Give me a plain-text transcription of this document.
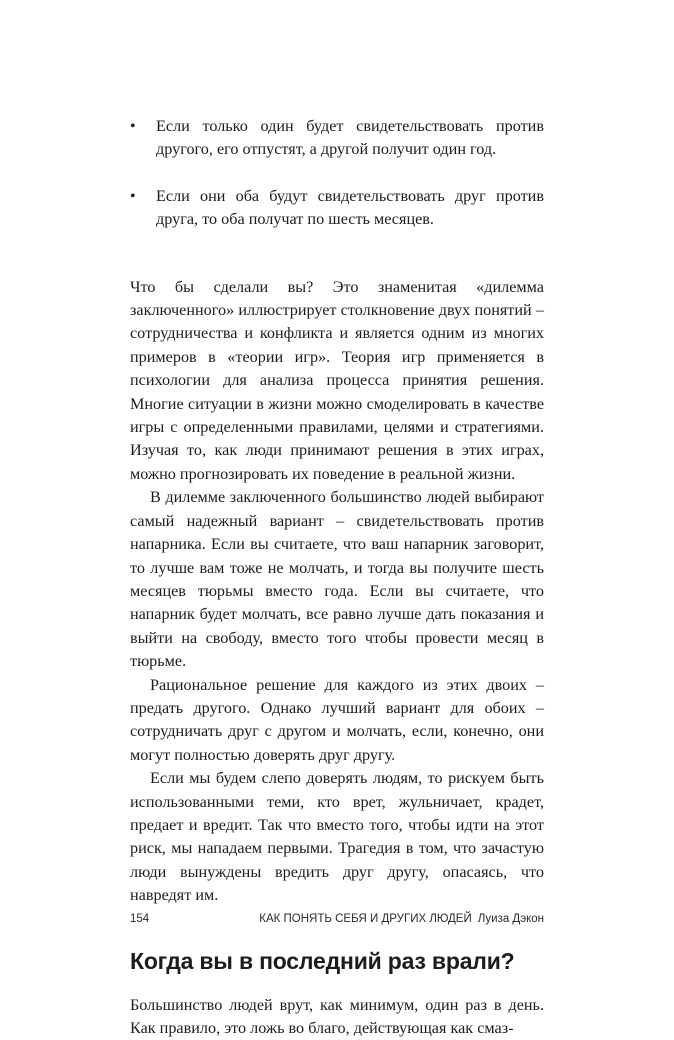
• Если только один будет свидетельствовать против другого, его отпустят, а другой получит один год.
• Если они оба будут свидетельствовать друг против друга, то оба получат по шесть месяцев.

Что бы сделали вы? Это знаменитая «дилемма заключенного» иллюстрирует столкновение двух понятий – сотрудничества и конфликта и является одним из многих примеров в «теории игр». Теория игр применяется в психологии для анализа процесса принятия решения. Многие ситуации в жизни можно смоделировать в качестве игры с определенными правилами, целями и стратегиями. Изучая то, как люди принимают решения в этих играх, можно прогнозировать их поведение в реальной жизни.

В дилемме заключенного большинство людей выбирают самый надежный вариант – свидетельствовать против напарника. Если вы считаете, что ваш напарник заговорит, то лучше вам тоже не молчать, и тогда вы получите шесть месяцев тюрьмы вместо года. Если вы считаете, что напарник будет молчать, все равно лучше дать показания и выйти на свободу, вместо того чтобы провести месяц в тюрьме.

Рациональное решение для каждого из этих двоих – предать другого. Однако лучший вариант для обоих – сотрудничать друг с другом и молчать, если, конечно, они могут полностью доверять друг другу.

Если мы будем слепо доверять людям, то рискуем быть использованными теми, кто врет, жульничает, крадет, предает и вредит. Так что вместо того, чтобы идти на этот риск, мы нападаем первыми. Трагедия в том, что зачастую люди вынуждены вредить друг другу, опасаясь, что навредят им.

Когда вы в последний раз врали?

Большинство людей врут, как минимум, один раз в день. Как правило, это ложь во благо, действующая как смаз-

154	КАК ПОНЯТЬ СЕБЯ И ДРУГИХ ЛЮДЕЙ Луиза Дэкон
